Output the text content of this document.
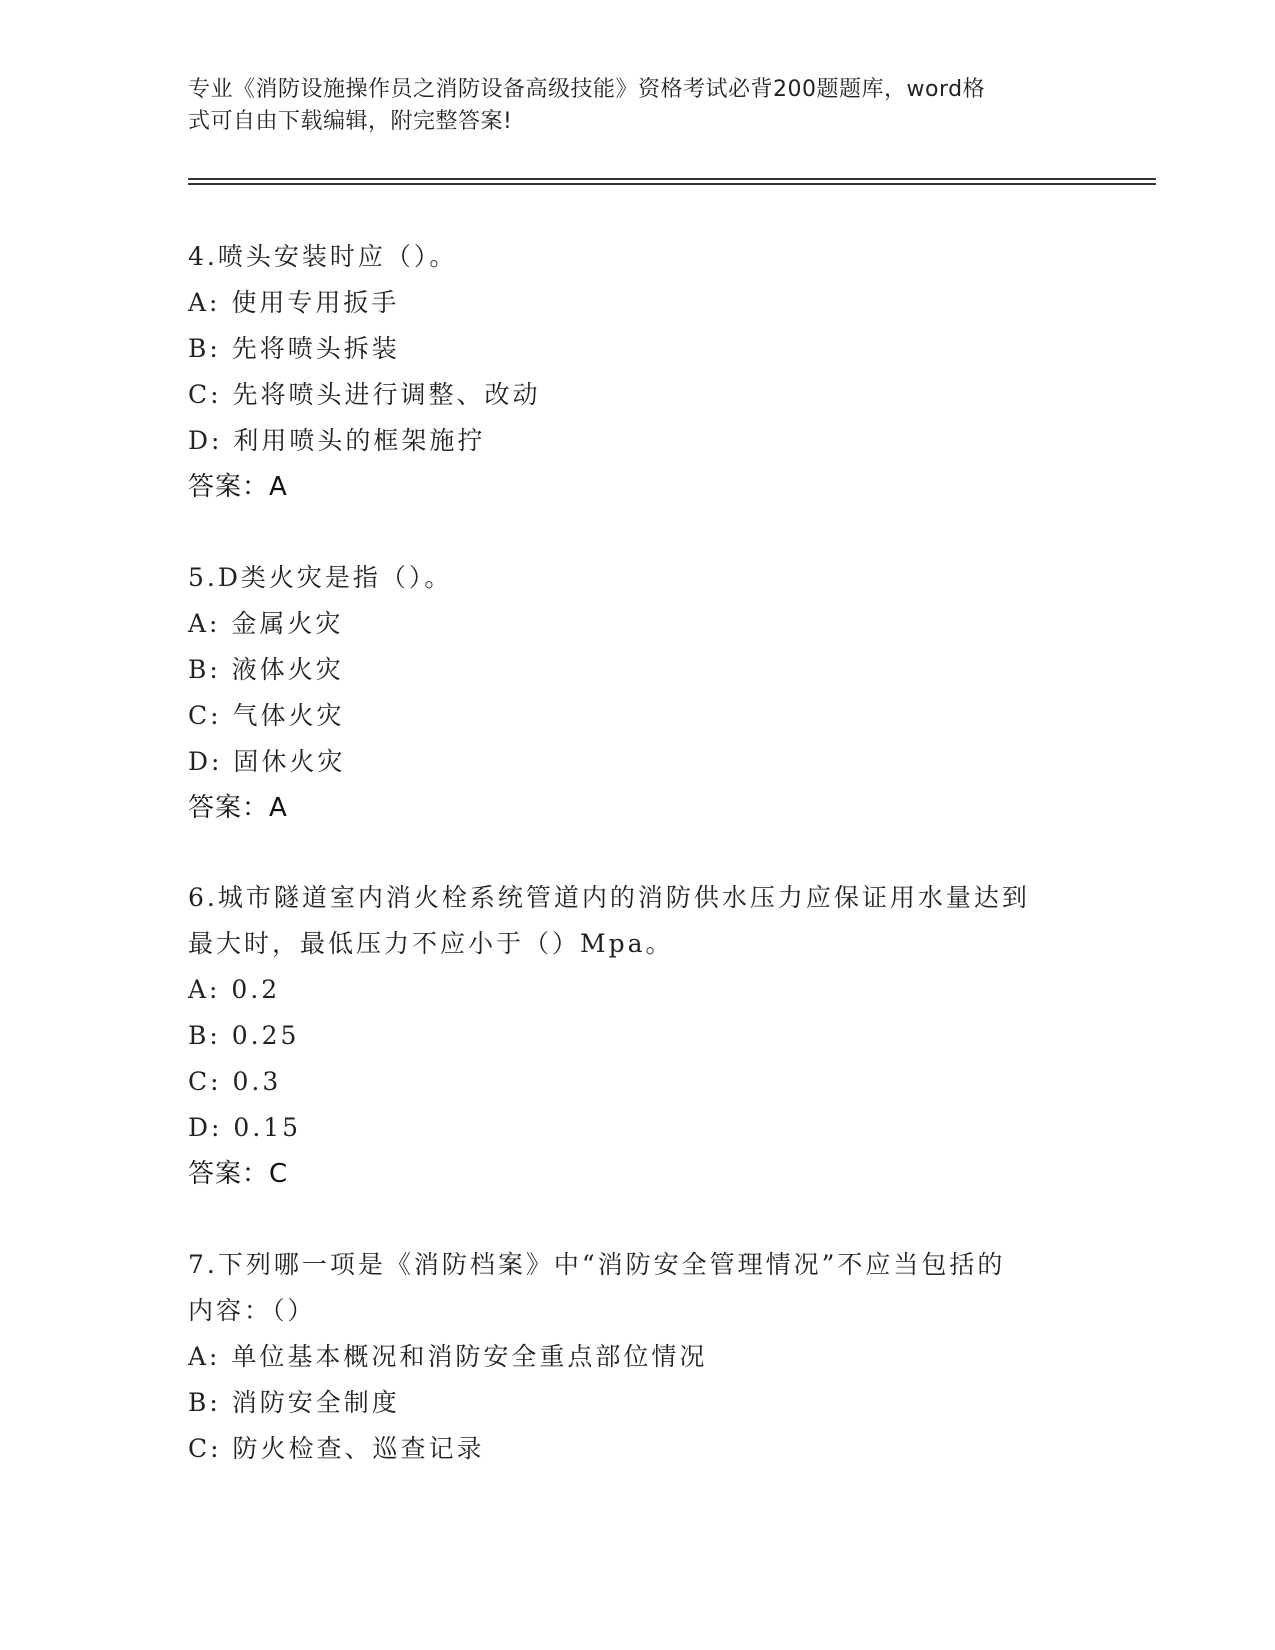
专业《消防设施操作员之消防设备高级技能》资格考试必背200题题库，word格
式可自由下载编辑，附完整答案!
4.喷头安装时应（）。
A: 使用专用扳手
B: 先将喷头拆装
C: 先将喷头进行调整、改动
D: 利用喷头的框架施拧
答案：A
5.D类火灾是指（）。
A: 金属火灾
B: 液体火灾
C: 气体火灾
D: 固休火灾
答案：A
6.城市隧道室内消火栓系统管道内的消防供水压力应保证用水量达到
最大时，最低压力不应小于（）Mpa。
A: 0.2
B: 0.25
C: 0.3
D: 0.15
答案：C
7.下列哪一项是《消防档案》中“消防安全管理情况”不应当包括的
内容：（）
A: 单位基本概况和消防安全重点部位情况
B: 消防安全制度
C: 防火检查、巡查记录
